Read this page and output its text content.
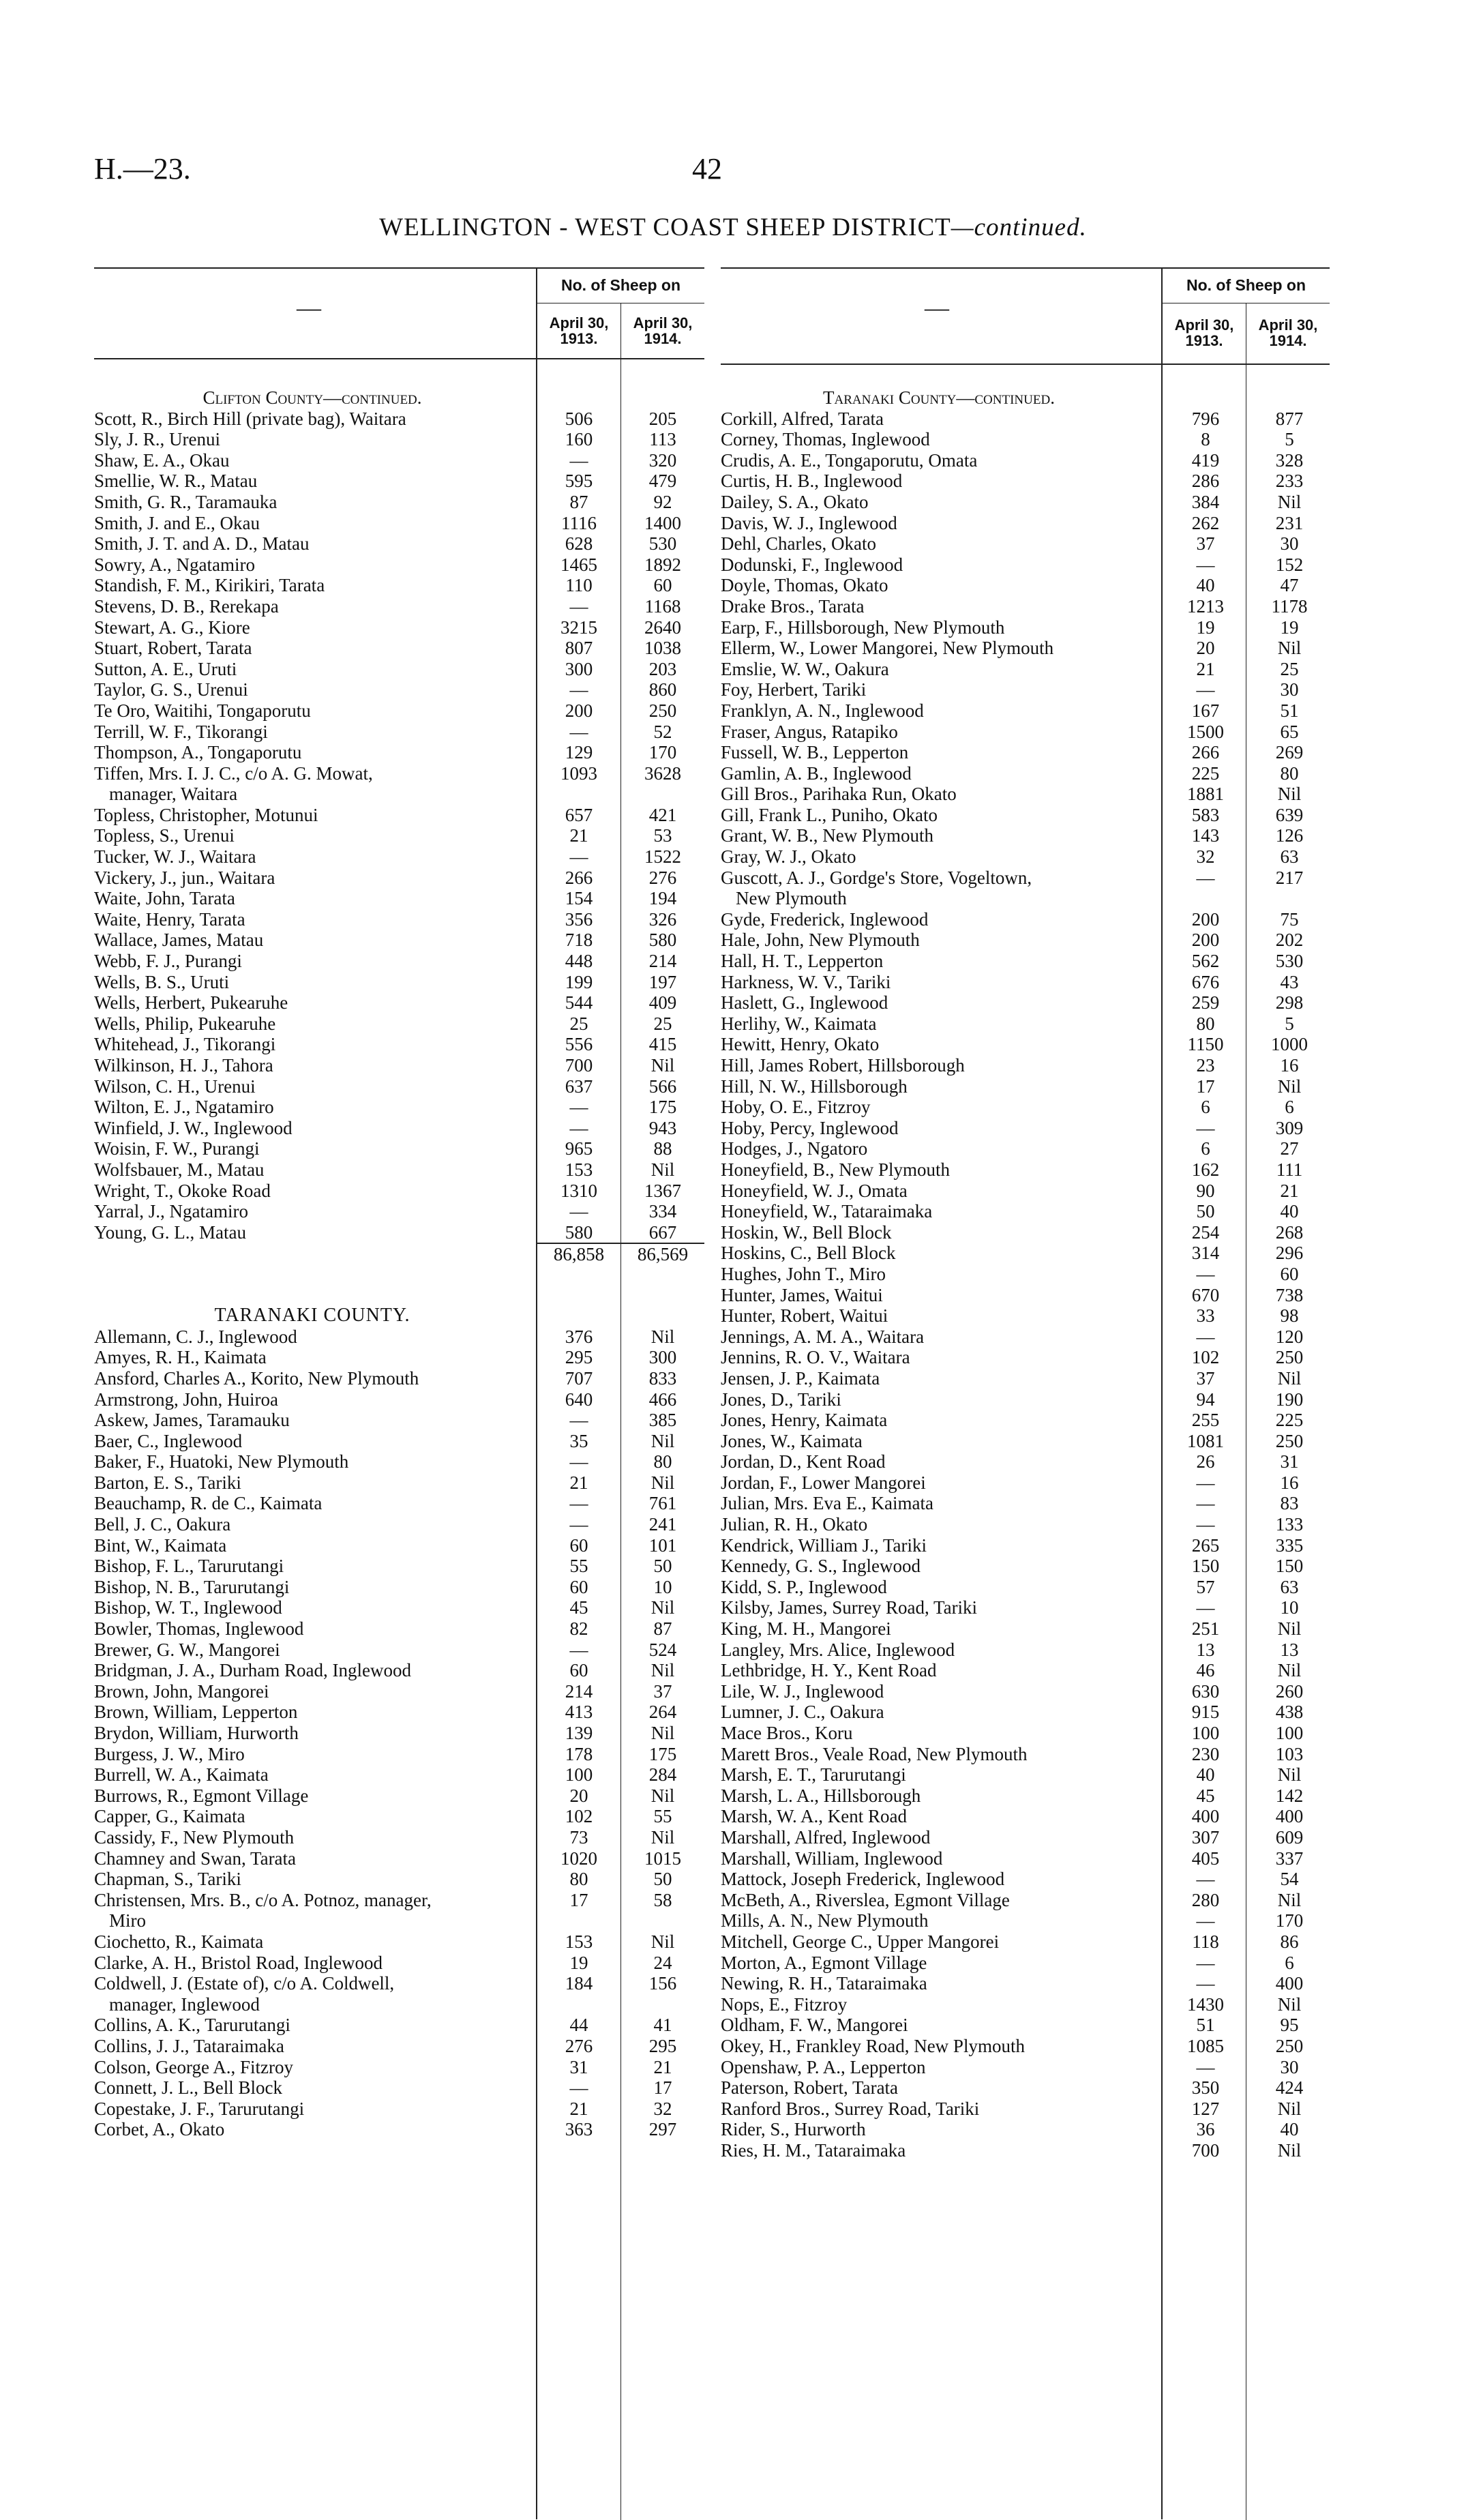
H.—23.	42
WELLINGTON - WEST COAST SHEEP DISTRICT—continued.
—
No. of Sheep on
April 30,
1913.
April 30,
1914.
Clifton County—continued.
Scott, R., Birch Hill (private bag), Waitara	506	205
Sly, J. R., Urenui	160	113
Shaw, E. A., Okau	—	320
Smellie, W. R., Matau	595	479
Smith, G. R., Taramauka	87	92
Smith, J. and E., Okau	1116	1400
Smith, J. T. and A. D., Matau	628	530
Sowry, A., Ngatamiro	1465	1892
Standish, F. M., Kirikiri, Tarata	110	60
Stevens, D. B., Rerekapa	—	1168
Stewart, A. G., Kiore	3215	2640
Stuart, Robert, Tarata	807	1038
Sutton, A. E., Uruti	300	203
Taylor, G. S., Urenui	—	860
Te Oro, Waitihi, Tongaporutu	200	250
Terrill, W. F., Tikorangi	—	52
Thompson, A., Tongaporutu	129	170
Tiffen, Mrs. I. J. C., c/o A. G. Mowat,	1093	3628
manager, Waitara
Topless, Christopher, Motunui	657	421
Topless, S., Urenui	21	53
Tucker, W. J., Waitara	—	1522
Vickery, J., jun., Waitara	266	276
Waite, John, Tarata	154	194
Waite, Henry, Tarata	356	326
Wallace, James, Matau	718	580
Webb, F. J., Purangi	448	214
Wells, B. S., Uruti	199	197
Wells, Herbert, Pukearuhe	544	409
Wells, Philip, Pukearuhe	25	25
Whitehead, J., Tikorangi	556	415
Wilkinson, H. J., Tahora	700	Nil
Wilson, C. H., Urenui	637	566
Wilton, E. J., Ngatamiro	—	175
Winfield, J. W., Inglewood	—	943
Woisin, F. W., Purangi	965	88
Wolfsbauer, M., Matau	153	Nil
Wright, T., Okoke Road	1310	1367
Yarral, J., Ngatamiro	—	334
Young, G. L., Matau	580	667
86,858	86,569
TARANAKI COUNTY.
Allemann, C. J., Inglewood	376	Nil
Amyes, R. H., Kaimata	295	300
Ansford, Charles A., Korito, New Plymouth	707	833
Armstrong, John, Huiroa	640	466
Askew, James, Taramauku	—	385
Baer, C., Inglewood	35	Nil
Baker, F., Huatoki, New Plymouth	—	80
Barton, E. S., Tariki	21	Nil
Beauchamp, R. de C., Kaimata	—	761
Bell, J. C., Oakura	—	241
Bint, W., Kaimata	60	101
Bishop, F. L., Tarurutangi	55	50
Bishop, N. B., Tarurutangi	60	10
Bishop, W. T., Inglewood	45	Nil
Bowler, Thomas, Inglewood	82	87
Brewer, G. W., Mangorei	—	524
Bridgman, J. A., Durham Road, Inglewood	60	Nil
Brown, John, Mangorei	214	37
Brown, William, Lepperton	413	264
Brydon, William, Hurworth	139	Nil
Burgess, J. W., Miro	178	175
Burrell, W. A., Kaimata	100	284
Burrows, R., Egmont Village	20	Nil
Capper, G., Kaimata	102	55
Cassidy, F., New Plymouth	73	Nil
Chamney and Swan, Tarata	1020	1015
Chapman, S., Tariki	80	50
Christensen, Mrs. B., c/o A. Potnoz, manager,	17	58
Miro
Ciochetto, R., Kaimata	153	Nil
Clarke, A. H., Bristol Road, Inglewood	19	24
Coldwell, J. (Estate of), c/o A. Coldwell,	184	156
manager, Inglewood
Collins, A. K., Tarurutangi	44	41
Collins, J. J., Tataraimaka	276	295
Colson, George A., Fitzroy	31	21
Connett, J. L., Bell Block	—	17
Copestake, J. F., Tarurutangi	21	32
Corbet, A., Okato	363	297
—
No. of Sheep on
April 30,
1913.
April 30,
1914.
Taranaki County—continued.
Corkill, Alfred, Tarata	796	877
Corney, Thomas, Inglewood	8	5
Crudis, A. E., Tongaporutu, Omata	419	328
Curtis, H. B., Inglewood	286	233
Dailey, S. A., Okato	384	Nil
Davis, W. J., Inglewood	262	231
Dehl, Charles, Okato	37	30
Dodunski, F., Inglewood	—	152
Doyle, Thomas, Okato	40	47
Drake Bros., Tarata	1213	1178
Earp, F., Hillsborough, New Plymouth	19	19
Ellerm, W., Lower Mangorei, New Plymouth	20	Nil
Emslie, W. W., Oakura	21	25
Foy, Herbert, Tariki	—	30
Franklyn, A. N., Inglewood	167	51
Fraser, Angus, Ratapiko	1500	65
Fussell, W. B., Lepperton	266	269
Gamlin, A. B., Inglewood	225	80
Gill Bros., Parihaka Run, Okato	1881	Nil
Gill, Frank L., Puniho, Okato	583	639
Grant, W. B., New Plymouth	143	126
Gray, W. J., Okato	32	63
Guscott, A. J., Gordge's Store, Vogeltown,	—	217
New Plymouth
Gyde, Frederick, Inglewood	200	75
Hale, John, New Plymouth	200	202
Hall, H. T., Lepperton	562	530
Harkness, W. V., Tariki	676	43
Haslett, G., Inglewood	259	298
Herlihy, W., Kaimata	80	5
Hewitt, Henry, Okato	1150	1000
Hill, James Robert, Hillsborough	23	16
Hill, N. W., Hillsborough	17	Nil
Hoby, O. E., Fitzroy	6	6
Hoby, Percy, Inglewood	—	309
Hodges, J., Ngatoro	6	27
Honeyfield, B., New Plymouth	162	111
Honeyfield, W. J., Omata	90	21
Honeyfield, W., Tataraimaka	50	40
Hoskin, W., Bell Block	254	268
Hoskins, C., Bell Block	314	296
Hughes, John T., Miro	—	60
Hunter, James, Waitui	670	738
Hunter, Robert, Waitui	33	98
Jennings, A. M. A., Waitara	—	120
Jennins, R. O. V., Waitara	102	250
Jensen, J. P., Kaimata	37	Nil
Jones, D., Tariki	94	190
Jones, Henry, Kaimata	255	225
Jones, W., Kaimata	1081	250
Jordan, D., Kent Road	26	31
Jordan, F., Lower Mangorei	—	16
Julian, Mrs. Eva E., Kaimata	—	83
Julian, R. H., Okato	—	133
Kendrick, William J., Tariki	265	335
Kennedy, G. S., Inglewood	150	150
Kidd, S. P., Inglewood	57	63
Kilsby, James, Surrey Road, Tariki	—	10
King, M. H., Mangorei	251	Nil
Langley, Mrs. Alice, Inglewood	13	13
Lethbridge, H. Y., Kent Road	46	Nil
Lile, W. J., Inglewood	630	260
Lumner, J. C., Oakura	915	438
Mace Bros., Koru	100	100
Marett Bros., Veale Road, New Plymouth	230	103
Marsh, E. T., Tarurutangi	40	Nil
Marsh, L. A., Hillsborough	45	142
Marsh, W. A., Kent Road	400	400
Marshall, Alfred, Inglewood	307	609
Marshall, William, Inglewood	405	337
Mattock, Joseph Frederick, Inglewood	—	54
McBeth, A., Riverslea, Egmont Village	280	Nil
Mills, A. N., New Plymouth	—	170
Mitchell, George C., Upper Mangorei	118	86
Morton, A., Egmont Village	—	6
Newing, R. H., Tataraimaka	—	400
Nops, E., Fitzroy	1430	Nil
Oldham, F. W., Mangorei	51	95
Okey, H., Frankley Road, New Plymouth	1085	250
Openshaw, P. A., Lepperton	—	30
Paterson, Robert, Tarata	350	424
Ranford Bros., Surrey Road, Tariki	127	Nil
Rider, S., Hurworth	36	40
Ries, H. M., Tataraimaka	700	Nil
